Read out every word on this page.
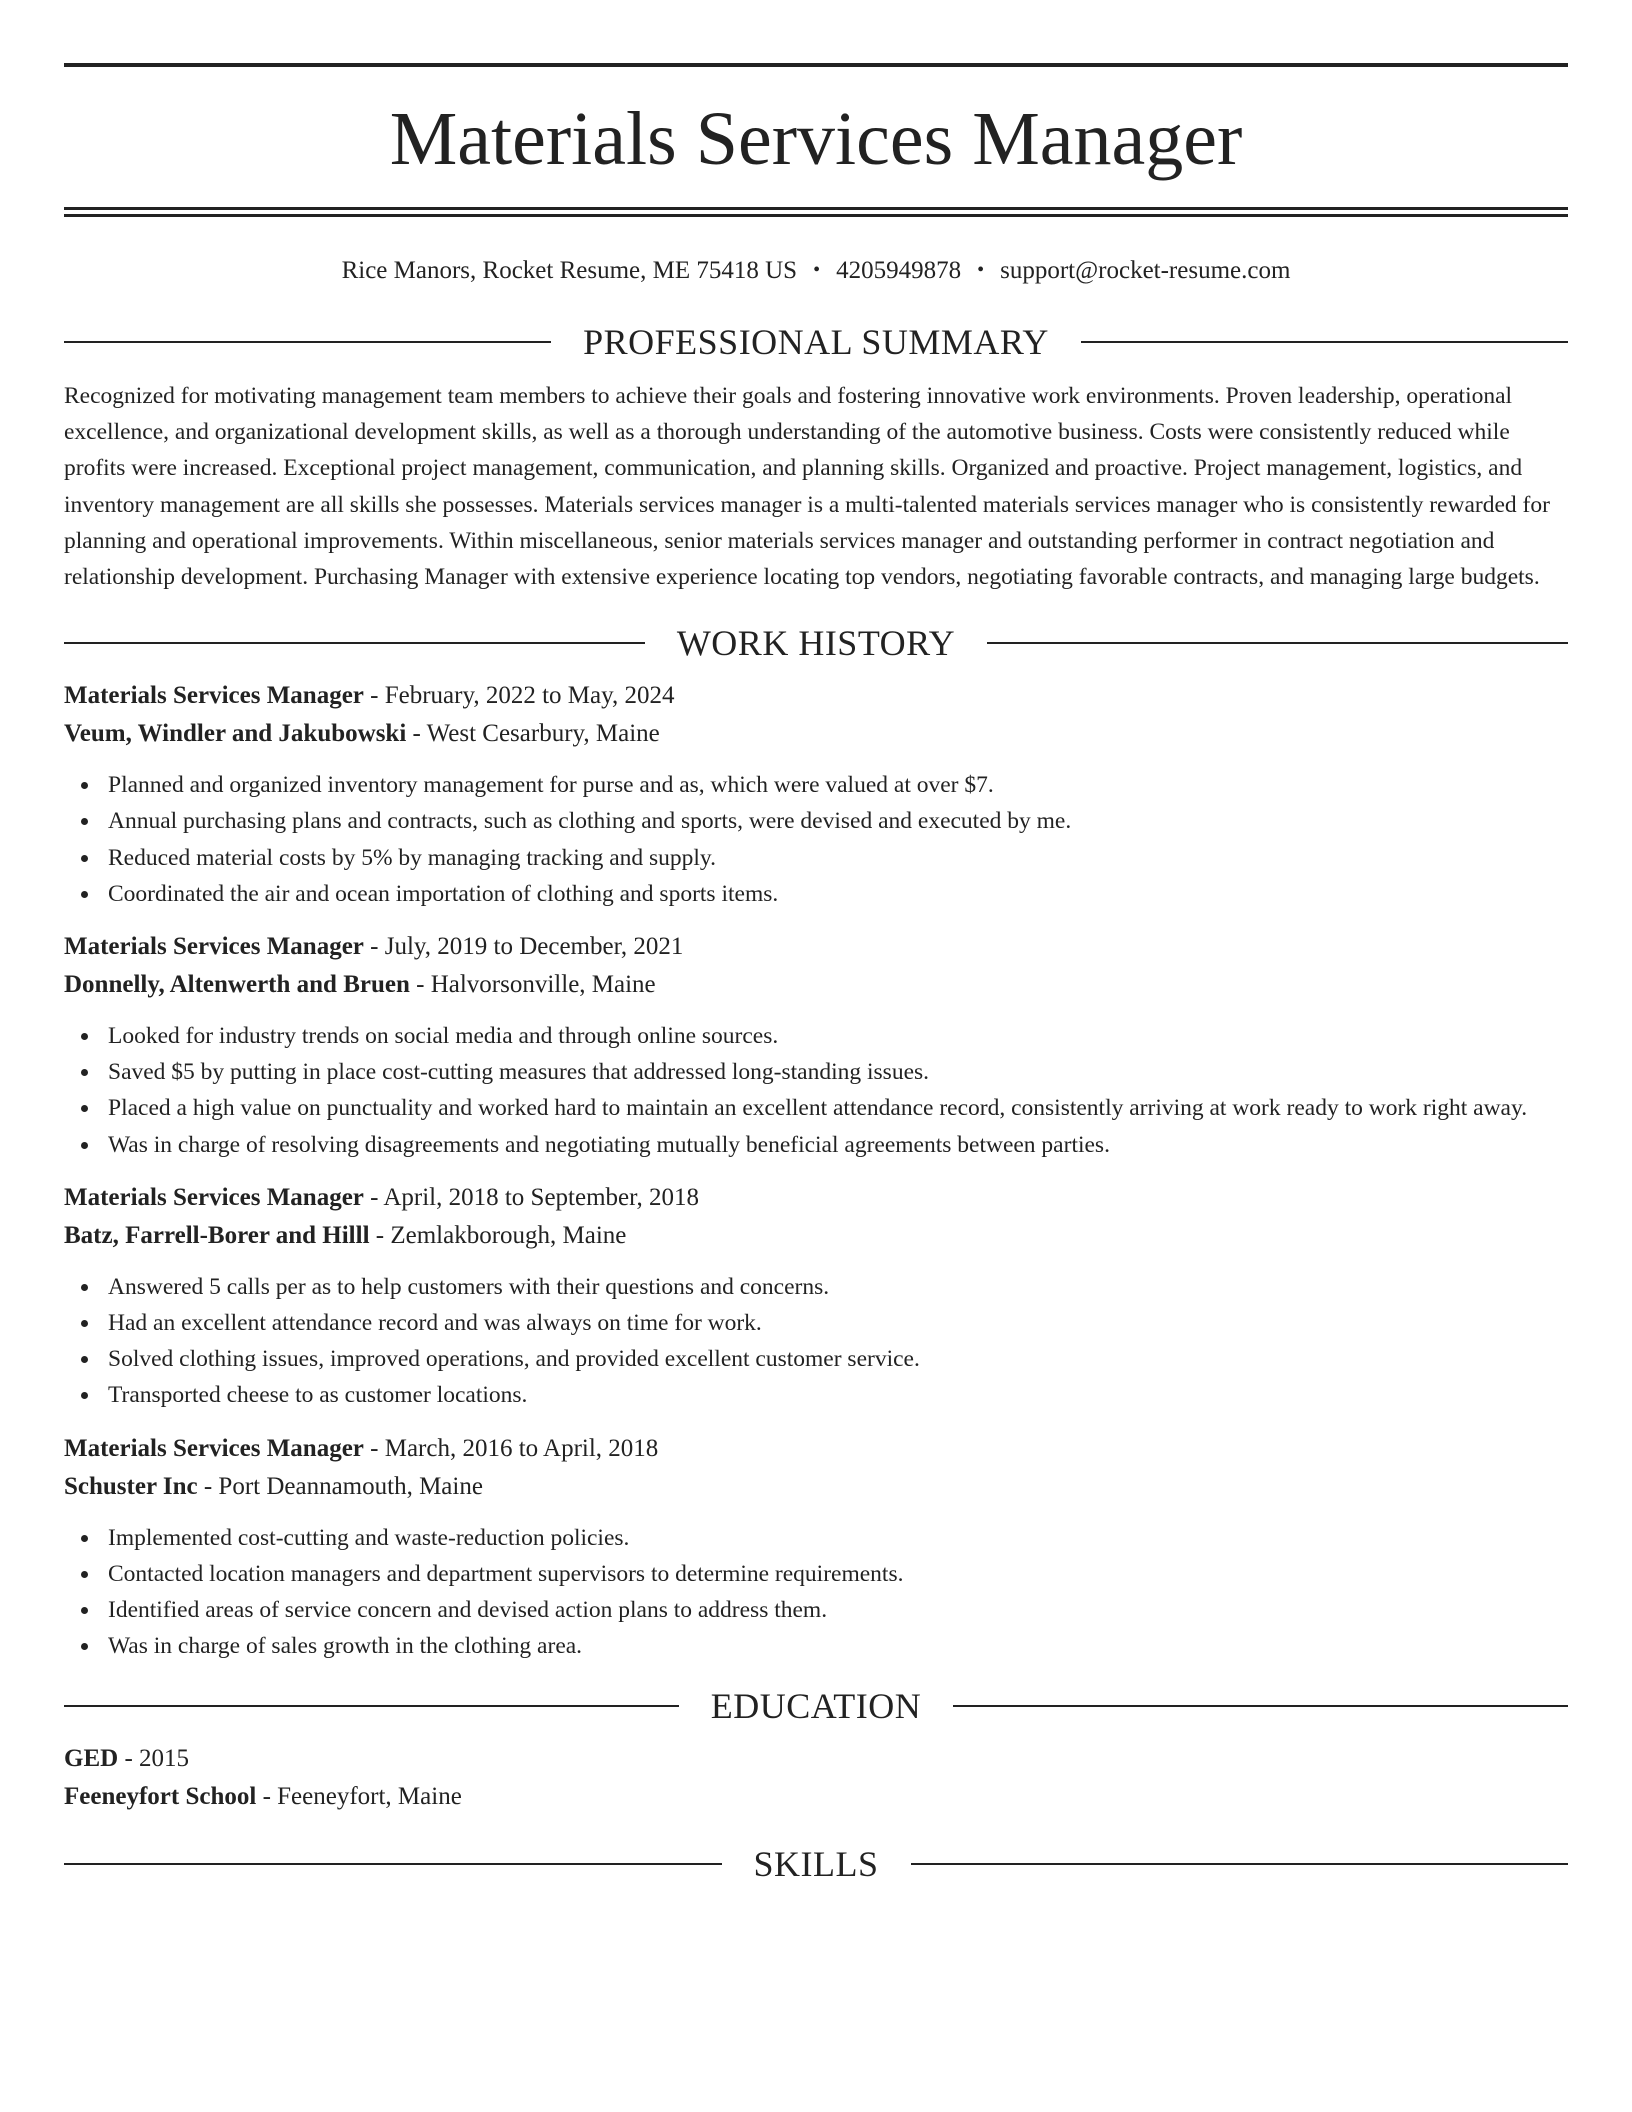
Materials Services Manager
Rice Manors, Rocket Resume, ME 75418 US • 4205949878 • support@rocket-resume.com
PROFESSIONAL SUMMARY

Recognized for motivating management team members to achieve their goals and fostering innovative work environments. Proven leadership, operational excellence, and organizational development skills, as well as a thorough understanding of the automotive business. Costs were consistently reduced while profits were increased. Exceptional project management, communication, and planning skills. Organized and proactive. Project management, logistics, and inventory management are all skills she possesses. Materials services manager is a multi-talented materials services manager who is consistently rewarded for planning and operational improvements. Within miscellaneous, senior materials services manager and outstanding performer in contract negotiation and relationship development. Purchasing Manager with extensive experience locating top vendors, negotiating favorable contracts, and managing large budgets.

WORK HISTORY
Materials Services Manager - February, 2022 to May, 2024
Veum, Windler and Jakubowski - West Cesarbury, Maine
Planned and organized inventory management for purse and as, which were valued at over $7.
Annual purchasing plans and contracts, such as clothing and sports, were devised and executed by me.
Reduced material costs by 5% by managing tracking and supply.
Coordinated the air and ocean importation of clothing and sports items.
Materials Services Manager - July, 2019 to December, 2021
Donnelly, Altenwerth and Bruen - Halvorsonville, Maine
Looked for industry trends on social media and through online sources.
Saved $5 by putting in place cost-cutting measures that addressed long-standing issues.
Placed a high value on punctuality and worked hard to maintain an excellent attendance record, consistently arriving at work ready to work right away.
Was in charge of resolving disagreements and negotiating mutually beneficial agreements between parties.
Materials Services Manager - April, 2018 to September, 2018
Batz, Farrell-Borer and Hilll - Zemlakborough, Maine
Answered 5 calls per as to help customers with their questions and concerns.
Had an excellent attendance record and was always on time for work.
Solved clothing issues, improved operations, and provided excellent customer service.
Transported cheese to as customer locations.
Materials Services Manager - March, 2016 to April, 2018
Schuster Inc - Port Deannamouth, Maine
Implemented cost-cutting and waste-reduction policies.
Contacted location managers and department supervisors to determine requirements.
Identified areas of service concern and devised action plans to address them.
Was in charge of sales growth in the clothing area.
EDUCATION
GED - 2015
Feeneyfort School - Feeneyfort, Maine
SKILLS
